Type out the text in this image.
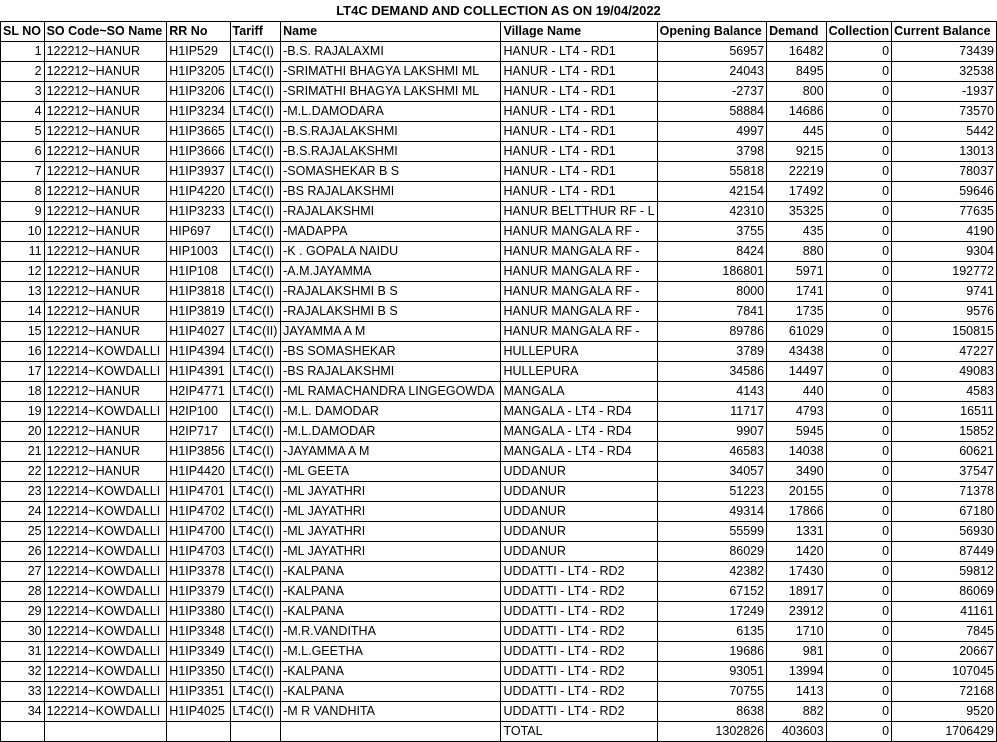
LT4C DEMAND AND COLLECTION AS ON 19/04/2022
SL NO	SO Code~SO Name	RR No	Tariff	Name	Village Name	Opening Balance	Demand	Collection	Current Balance
1	122212~HANUR	H1IP529	LT4C(I)	-B.S. RAJALAXMI	HANUR - LT4 - RD1	56957	16482	0	73439
2	122212~HANUR	H1IP3205	LT4C(I)	-SRIMATHI BHAGYA LAKSHMI ML	HANUR - LT4 - RD1	24043	8495	0	32538
3	122212~HANUR	H1IP3206	LT4C(I)	-SRIMATHI BHAGYA LAKSHMI ML	HANUR - LT4 - RD1	-2737	800	0	-1937
4	122212~HANUR	H1IP3234	LT4C(I)	-M.L.DAMODARA	HANUR - LT4 - RD1	58884	14686	0	73570
5	122212~HANUR	H1IP3665	LT4C(I)	-B.S.RAJALAKSHMI	HANUR - LT4 - RD1	4997	445	0	5442
6	122212~HANUR	H1IP3666	LT4C(I)	-B.S.RAJALAKSHMI	HANUR - LT4 - RD1	3798	9215	0	13013
7	122212~HANUR	H1IP3937	LT4C(I)	-SOMASHEKAR B S	HANUR - LT4 - RD1	55818	22219	0	78037
8	122212~HANUR	H1IP4220	LT4C(I)	-BS RAJALAKSHMI	HANUR - LT4 - RD1	42154	17492	0	59646
9	122212~HANUR	H1IP3233	LT4C(I)	-RAJALAKSHMI	HANUR BELTTHUR RF - L	42310	35325	0	77635
10	122212~HANUR	HIP697	LT4C(I)	-MADAPPA	HANUR MANGALA RF -	3755	435	0	4190
11	122212~HANUR	HIP1003	LT4C(I)	-K . GOPALA NAIDU	HANUR MANGALA RF -	8424	880	0	9304
12	122212~HANUR	H1IP108	LT4C(I)	-A.M.JAYAMMA	HANUR MANGALA RF -	186801	5971	0	192772
13	122212~HANUR	H1IP3818	LT4C(I)	-RAJALAKSHMI B S	HANUR MANGALA RF -	8000	1741	0	9741
14	122212~HANUR	H1IP3819	LT4C(I)	-RAJALAKSHMI B S	HANUR MANGALA RF -	7841	1735	0	9576
15	122212~HANUR	H1IP4027	LT4C(II)	JAYAMMA A M	HANUR MANGALA RF -	89786	61029	0	150815
16	122214~KOWDALLI	H1IP4394	LT4C(I)	-BS SOMASHEKAR	HULLEPURA	3789	43438	0	47227
17	122214~KOWDALLI	H1IP4391	LT4C(I)	-BS RAJALAKSHMI	HULLEPURA	34586	14497	0	49083
18	122212~HANUR	H2IP4771	LT4C(I)	-ML RAMACHANDRA LINGEGOWDA	MANGALA	4143	440	0	4583
19	122214~KOWDALLI	H2IP100	LT4C(I)	-M.L. DAMODAR	MANGALA - LT4 - RD4	11717	4793	0	16511
20	122212~HANUR	H2IP717	LT4C(I)	-M.L.DAMODAR	MANGALA - LT4 - RD4	9907	5945	0	15852
21	122212~HANUR	H1IP3856	LT4C(I)	-JAYAMMA A M	MANGALA - LT4 - RD4	46583	14038	0	60621
22	122212~HANUR	H1IP4420	LT4C(I)	-ML GEETA	UDDANUR	34057	3490	0	37547
23	122214~KOWDALLI	H1IP4701	LT4C(I)	-ML JAYATHRI	UDDANUR	51223	20155	0	71378
24	122214~KOWDALLI	H1IP4702	LT4C(I)	-ML JAYATHRI	UDDANUR	49314	17866	0	67180
25	122214~KOWDALLI	H1IP4700	LT4C(I)	-ML JAYATHRI	UDDANUR	55599	1331	0	56930
26	122214~KOWDALLI	H1IP4703	LT4C(I)	-ML JAYATHRI	UDDANUR	86029	1420	0	87449
27	122214~KOWDALLI	H1IP3378	LT4C(I)	-KALPANA	UDDATTI - LT4 - RD2	42382	17430	0	59812
28	122214~KOWDALLI	H1IP3379	LT4C(I)	-KALPANA	UDDATTI - LT4 - RD2	67152	18917	0	86069
29	122214~KOWDALLI	H1IP3380	LT4C(I)	-KALPANA	UDDATTI - LT4 - RD2	17249	23912	0	41161
30	122214~KOWDALLI	H1IP3348	LT4C(I)	-M.R.VANDITHA	UDDATTI - LT4 - RD2	6135	1710	0	7845
31	122214~KOWDALLI	H1IP3349	LT4C(I)	-M.L.GEETHA	UDDATTI - LT4 - RD2	19686	981	0	20667
32	122214~KOWDALLI	H1IP3350	LT4C(I)	-KALPANA	UDDATTI - LT4 - RD2	93051	13994	0	107045
33	122214~KOWDALLI	H1IP3351	LT4C(I)	-KALPANA	UDDATTI - LT4 - RD2	70755	1413	0	72168
34	122214~KOWDALLI	H1IP4025	LT4C(I)	-M R VANDHITA	UDDATTI - LT4 - RD2	8638	882	0	9520
					TOTAL	1302826	403603	0	1706429
